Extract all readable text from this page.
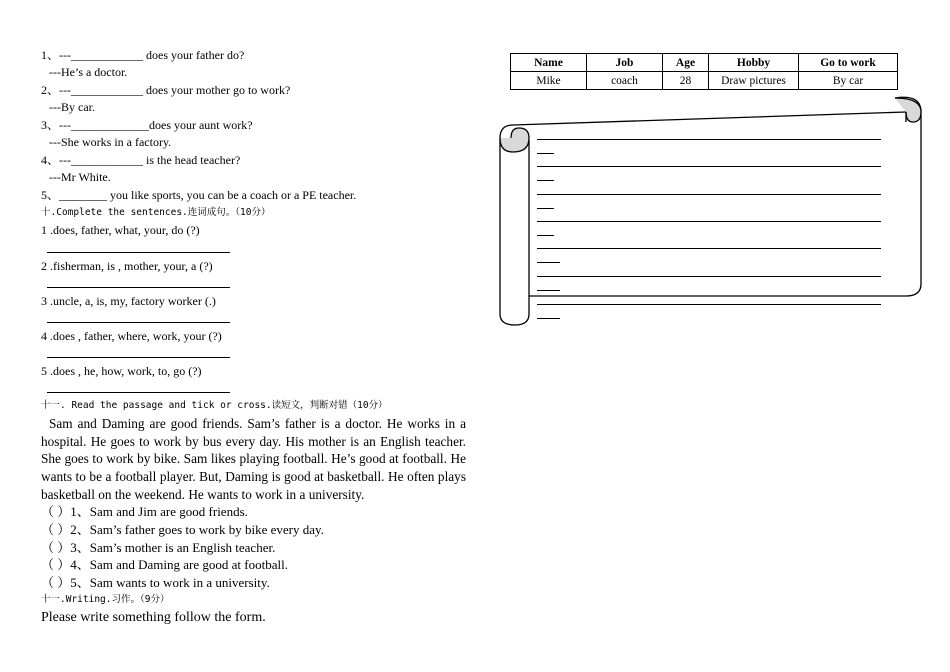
1、---____________ does your father do?
---He’s a doctor.
2、---____________ does your mother go to work?
---By car.
3、---_____________does your aunt work?
---She works in a factory.
4、---____________ is the head teacher?
---Mr White.
5、________ you like sports, you can be a coach or a PE teacher.
十.Complete the sentences.连词成句。（10分）
1 .does, father, what, your, do (?)
2 .fisherman, is , mother, your, a (?)
3 .uncle, a, is, my, factory worker (.)
4 .does , father, where, work, your (?)
5 .does , he, how, work, to, go (?)
十一. Read the passage and tick or cross.读短文，判断对错（10分）

Sam and Daming are good friends. Sam’s father is a doctor. He works in a hospital. He goes to work by bus every day. His mother is an English teacher. She goes to work by bike. Sam likes playing football. He’s good at football. He wants to be a football player. But, Daming is good at basketball. He often plays basketball on the weekend. He wants to work in a university.

（ ）1、Sam and Jim are good friends.
（ ）2、Sam’s father goes to work by bike every day.
（ ）3、Sam’s mother is an English teacher.
（ ）4、Sam and Daming are good at football.
（ ）5、Sam wants to work in a university.
十一.Writing.习作。（9分）
Please write something follow the form.
Name	Job	Age	Hobby	Go to work
Mike	coach	28	Draw pictures	By car
